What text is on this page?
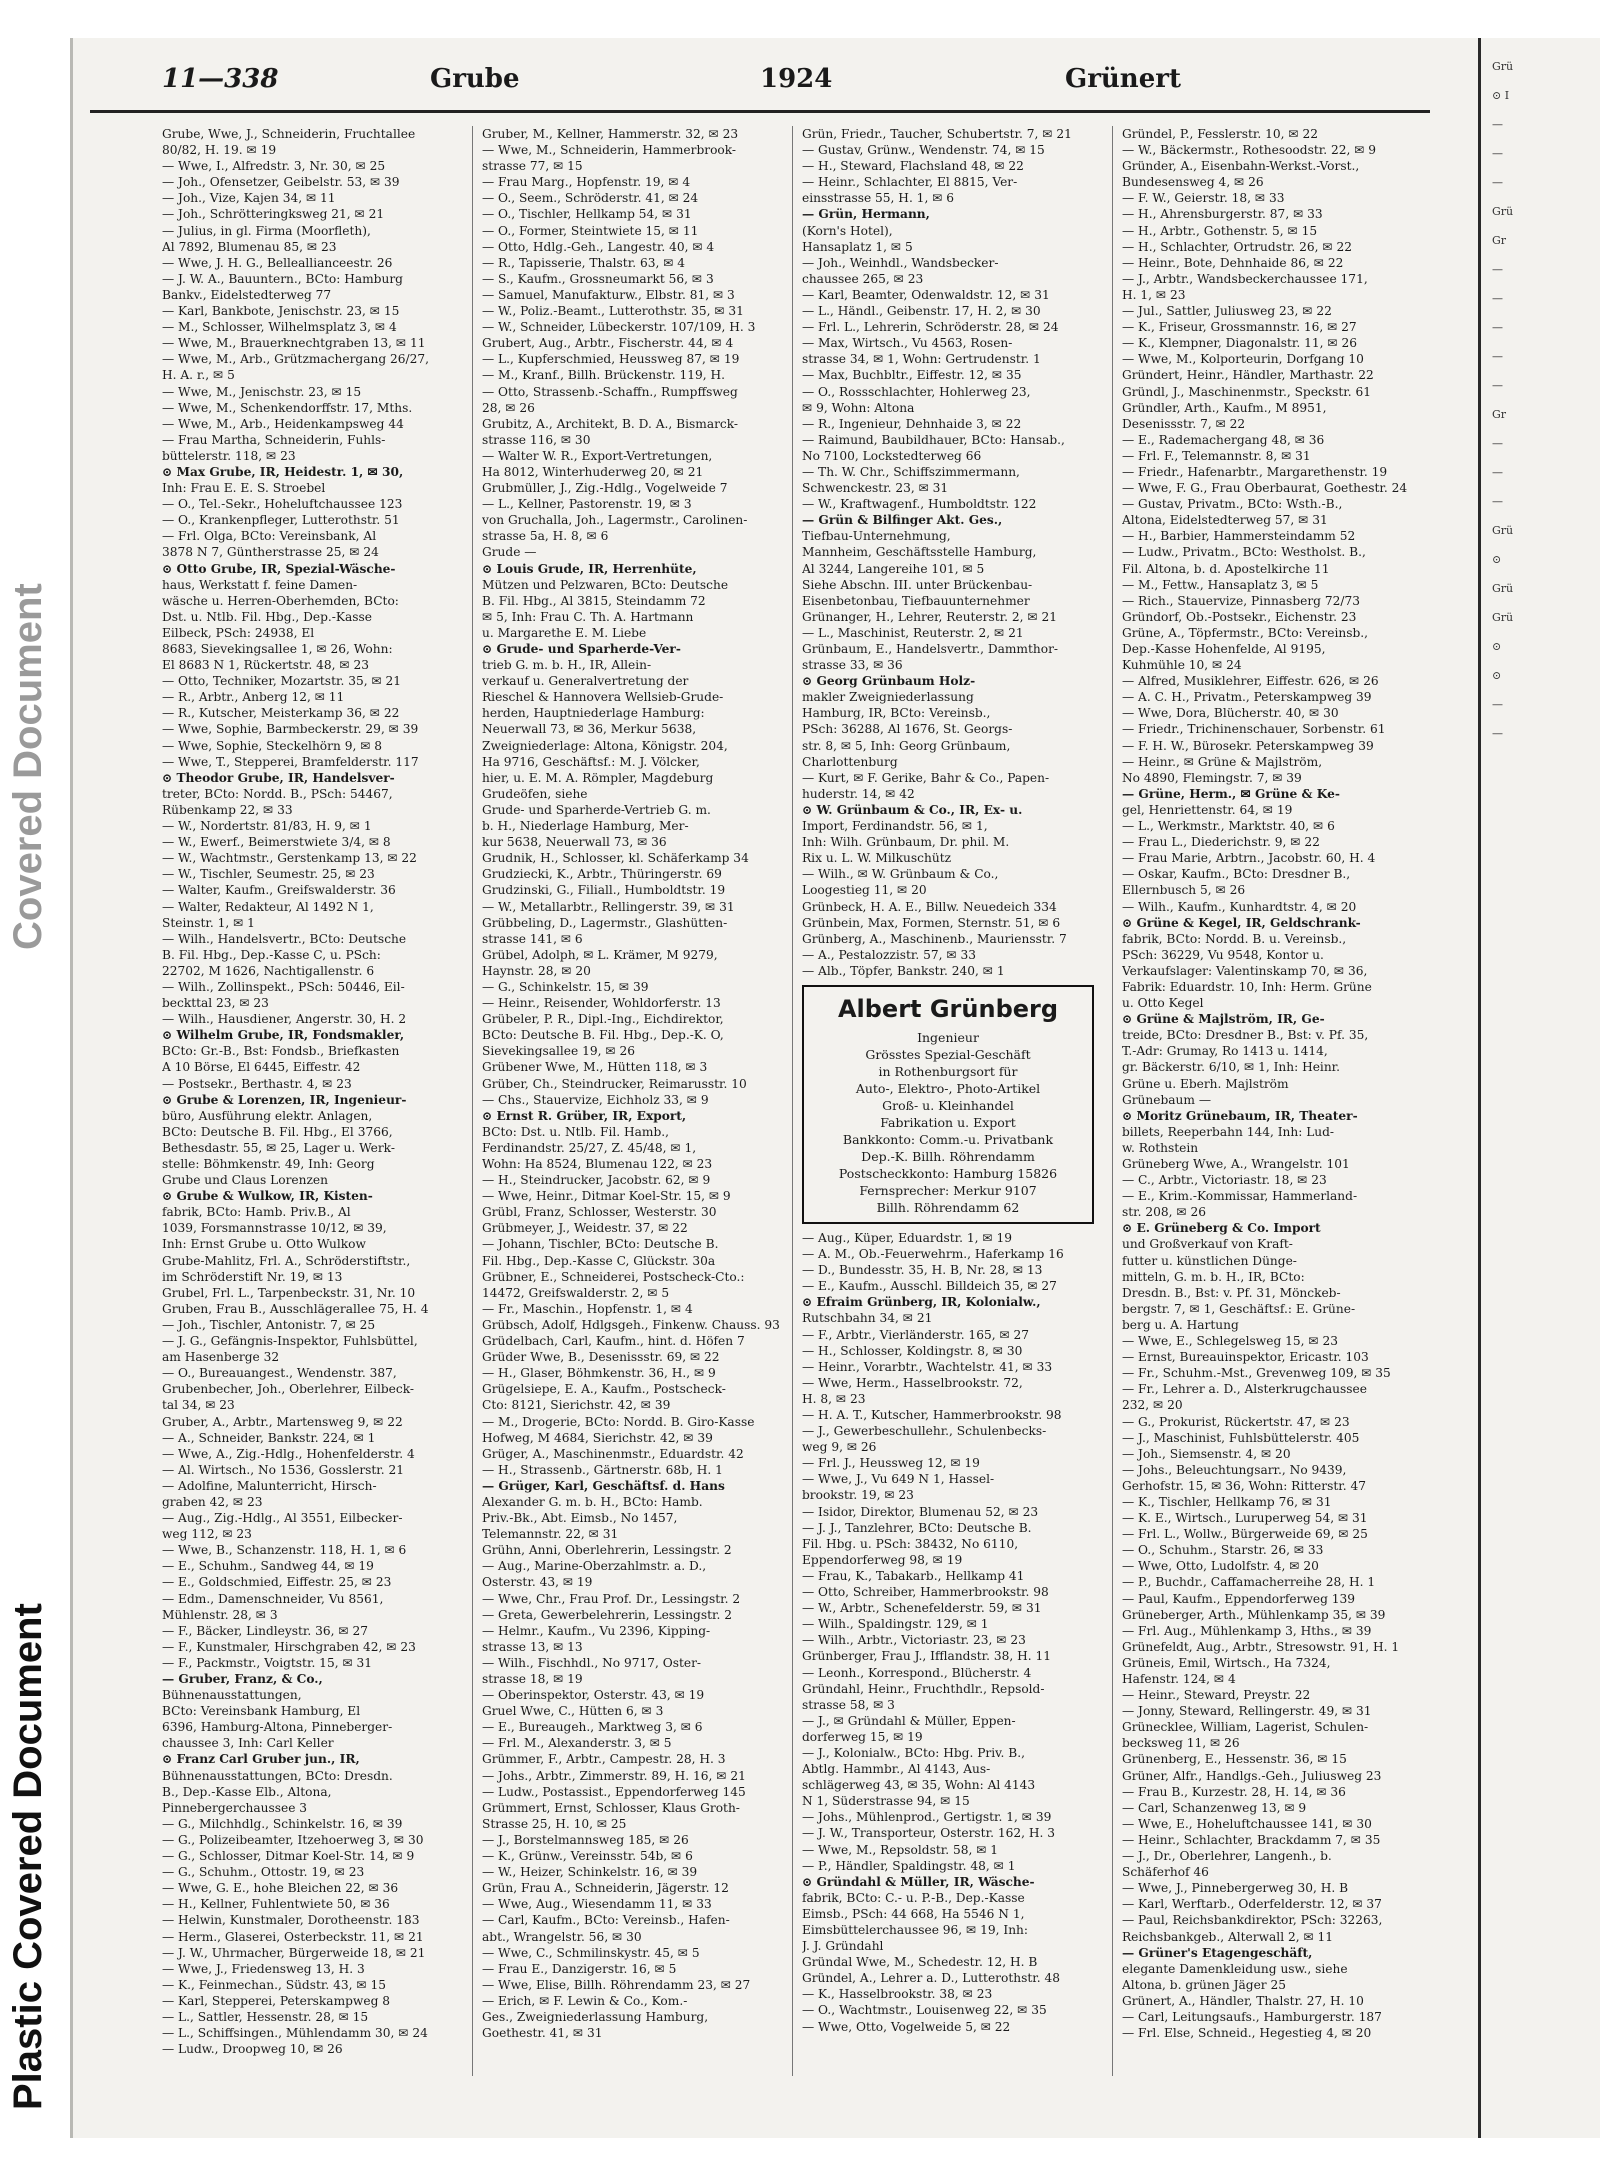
Covered Document
Plastic Covered Document
11—338	Grube	1924	Grünert

Grube, Wwe, J., Schneiderin, Fruchtallee

80/82, H. 19. ✉ 19

— Wwe, I., Alfredstr. 3, Nr. 30, ✉ 25

— Joh., Ofensetzer, Geibelstr. 53, ✉ 39

— Joh., Vize, Kajen 34, ✉ 11

— Joh., Schrötteringksweg 21, ✉ 21

— Julius, in gl. Firma (Moorfleth),

Al 7892, Blumenau 85, ✉ 23

— Wwe, J. H. G., Belleallianceestr. 26

— J. W. A., Bauuntern., BCto: Hamburg

Bankv., Eidelstedterweg 77

— Karl, Bankbote, Jenischstr. 23, ✉ 15

— M., Schlosser, Wilhelmsplatz 3, ✉ 4

— Wwe, M., Brauerknechtgraben 13, ✉ 11

— Wwe, M., Arb., Grützmachergang 26/27,

H. A. r., ✉ 5

— Wwe, M., Jenischstr. 23, ✉ 15

— Wwe, M., Schenkendorffstr. 17, Mths.

— Wwe, M., Arb., Heidenkampsweg 44

— Frau Martha, Schneiderin, Fuhls-

büttelerstr. 118, ✉ 23

⊙ Max Grube, IR, Heidestr. 1, ✉ 30,

Inh: Frau E. E. S. Stroebel

— O., Tel.-Sekr., Hoheluftchaussee 123

— O., Krankenpfleger, Lutterothstr. 51

— Frl. Olga, BCto: Vereinsbank, Al

3878 N 7, Güntherstrasse 25, ✉ 24

⊙ Otto Grube, IR, Spezial-Wäsche-

haus, Werkstatt f. feine Damen-

wäsche u. Herren-Oberhemden, BCto:

Dst. u. Ntlb. Fil. Hbg., Dep.-Kasse

Eilbeck, PSch: 24938, El

8683, Sievekingsallee 1, ✉ 26, Wohn:

El 8683 N 1, Rückertstr. 48, ✉ 23

— Otto, Techniker, Mozartstr. 35, ✉ 21

— R., Arbtr., Anberg 12, ✉ 11

— R., Kutscher, Meisterkamp 36, ✉ 22

— Wwe, Sophie, Barmbeckerstr. 29, ✉ 39

— Wwe, Sophie, Steckelhörn 9, ✉ 8

— Wwe, T., Stepperei, Bramfelderstr. 117

⊙ Theodor Grube, IR, Handelsver-

treter, BCto: Nordd. B., PSch: 54467,

Rübenkamp 22, ✉ 33

— W., Nordertstr. 81/83, H. 9, ✉ 1

— W., Ewerf., Beimerstwiete 3/4, ✉ 8

— W., Wachtmstr., Gerstenkamp 13, ✉ 22

— W., Tischler, Seumestr. 25, ✉ 23

— Walter, Kaufm., Greifswalderstr. 36

— Walter, Redakteur, Al 1492 N 1,

Steinstr. 1, ✉ 1

— Wilh., Handelsvertr., BCto: Deutsche

B. Fil. Hbg., Dep.-Kasse C, u. PSch:

22702, M 1626, Nachtigallenstr. 6

— Wilh., Zollinspekt., PSch: 50446, Eil-

beckttal 23, ✉ 23

— Wilh., Hausdiener, Angerstr. 30, H. 2

⊙ Wilhelm Grube, IR, Fondsmakler,

BCto: Gr.-B., Bst: Fondsb., Briefkasten

A 10 Börse, El 6445, Eiffestr. 42

— Postsekr., Berthastr. 4, ✉ 23

⊙ Grube & Lorenzen, IR, Ingenieur-

büro, Ausführung elektr. Anlagen,

BCto: Deutsche B. Fil. Hbg., El 3766,

Bethesdastr. 55, ✉ 25, Lager u. Werk-

stelle: Böhmkenstr. 49, Inh: Georg

Grube und Claus Lorenzen

⊙ Grube & Wulkow, IR, Kisten-

fabrik, BCto: Hamb. Priv.B., Al

1039, Forsmannstrasse 10/12, ✉ 39,

Inh: Ernst Grube u. Otto Wulkow

Grube-Mahlitz, Frl. A., Schröderstiftstr.,

im Schröderstift Nr. 19, ✉ 13

Grubel, Frl. L., Tarpenbeckstr. 31, Nr. 10

Gruben, Frau B., Ausschlägerallee 75, H. 4

— Joh., Tischler, Antonistr. 7, ✉ 25

— J. G., Gefängnis-Inspektor, Fuhlsbüttel,

am Hasenberge 32

— O., Bureauangest., Wendenstr. 387,

Grubenbecher, Joh., Oberlehrer, Eilbeck-

tal 34, ✉ 23

Gruber, A., Arbtr., Martensweg 9, ✉ 22

— A., Schneider, Bankstr. 224, ✉ 1

— Wwe, A., Zig.-Hdlg., Hohenfelderstr. 4

— Al. Wirtsch., No 1536, Gosslerstr. 21

— Adolfine, Malunterricht, Hirsch-

graben 42, ✉ 23

— Aug., Zig.-Hdlg., Al 3551, Eilbecker-

weg 112, ✉ 23

— Wwe, B., Schanzenstr. 118, H. 1, ✉ 6

— E., Schuhm., Sandweg 44, ✉ 19

— E., Goldschmied, Eiffestr. 25, ✉ 23

— Edm., Damenschneider, Vu 8561,

Mühlenstr. 28, ✉ 3

— F., Bäcker, Lindleystr. 36, ✉ 27

— F., Kunstmaler, Hirschgraben 42, ✉ 23

— F., Packmstr., Voigtstr. 15, ✉ 31

— Gruber, Franz, & Co.,

Bühnenausstattungen,

BCto: Vereinsbank Hamburg, El

6396, Hamburg-Altona, Pinneberger-

chaussee 3, Inh: Carl Keller

⊙ Franz Carl Gruber jun., IR,

Bühnenausstattungen, BCto: Dresdn.

B., Dep.-Kasse Elb., Altona,

Pinnebergerchaussee 3

— G., Milchhdlg., Schinkelstr. 16, ✉ 39

— G., Polizeibeamter, Itzehoerweg 3, ✉ 30

— G., Schlosser, Ditmar Koel-Str. 14, ✉ 9

— G., Schuhm., Ottostr. 19, ✉ 23

— Wwe, G. E., hohe Bleichen 22, ✉ 36

— H., Kellner, Fuhlentwiete 50, ✉ 36

— Helwin, Kunstmaler, Dorotheenstr. 183

— Herm., Glaserei, Osterbeckstr. 11, ✉ 21

— J. W., Uhrmacher, Bürgerweide 18, ✉ 21

— Wwe, J., Friedensweg 13, H. 3

— K., Feinmechan., Südstr. 43, ✉ 15

— Karl, Stepperei, Peterskampweg 8

— L., Sattler, Hessenstr. 28, ✉ 15

— L., Schiffsingen., Mühlendamm 30, ✉ 24

— Ludw., Droopweg 10, ✉ 26

Gruber, M., Kellner, Hammerstr. 32, ✉ 23

— Wwe, M., Schneiderin, Hammerbrook-

strasse 77, ✉ 15

— Frau Marg., Hopfenstr. 19, ✉ 4

— O., Seem., Schröderstr. 41, ✉ 24

— O., Tischler, Hellkamp 54, ✉ 31

— O., Former, Steintwiete 15, ✉ 11

— Otto, Hdlg.-Geh., Langestr. 40, ✉ 4

— R., Tapisserie, Thalstr. 63, ✉ 4

— S., Kaufm., Grossneumarkt 56, ✉ 3

— Samuel, Manufakturw., Elbstr. 81, ✉ 3

— W., Poliz.-Beamt., Lutterothstr. 35, ✉ 31

— W., Schneider, Lübeckerstr. 107/109, H. 3

Grubert, Aug., Arbtr., Fischerstr. 44, ✉ 4

— L., Kupferschmied, Heussweg 87, ✉ 19

— M., Kranf., Billh. Brückenstr. 119, H.

— Otto, Strassenb.-Schaffn., Rumpffsweg

28, ✉ 26

Grubitz, A., Architekt, B. D. A., Bismarck-

strasse 116, ✉ 30

— Walter W. R., Export-Vertretungen,

Ha 8012, Winterhuderweg 20, ✉ 21

Grubmüller, J., Zig.-Hdlg., Vogelweide 7

— L., Kellner, Pastorenstr. 19, ✉ 3

von Gruchalla, Joh., Lagermstr., Carolinen-

strasse 5a, H. 8, ✉ 6

Grude —

⊙ Louis Grude, IR, Herrenhüte,

Mützen und Pelzwaren, BCto: Deutsche

B. Fil. Hbg., Al 3815, Steindamm 72

✉ 5, Inh: Frau C. Th. A. Hartmann

u. Margarethe E. M. Liebe

⊙ Grude- und Sparherde-Ver-

trieb G. m. b. H., IR, Allein-

verkauf u. Generalvertretung der

Rieschel & Hannovera Wellsieb-Grude-

herden, Hauptniederlage Hamburg:

Neuerwall 73, ✉ 36, Merkur 5638,

Zweigniederlage: Altona, Königstr. 204,

Ha 9716, Geschäftsf.: M. J. Völcker,

hier, u. E. M. A. Römpler, Magdeburg

Grudeöfen, siehe

Grude- und Sparherde-Vertrieb G. m.

b. H., Niederlage Hamburg, Mer-

kur 5638, Neuerwall 73, ✉ 36

Grudnik, H., Schlosser, kl. Schäferkamp 34

Grudziecki, K., Arbtr., Thüringerstr. 69

Grudzinski, G., Filiall., Humboldtstr. 19

— W., Metallarbtr., Rellingerstr. 39, ✉ 31

Grübbeling, D., Lagermstr., Glashütten-

strasse 141, ✉ 6

Grübel, Adolph, ✉ L. Krämer, M 9279,

Haynstr. 28, ✉ 20

— G., Schinkelstr. 15, ✉ 39

— Heinr., Reisender, Wohldorferstr. 13

Grübeler, P. R., Dipl.-Ing., Eichdirektor,

BCto: Deutsche B. Fil. Hbg., Dep.-K. O,

Sievekingsallee 19, ✉ 26

Grübener Wwe, M., Hütten 118, ✉ 3

Grüber, Ch., Steindrucker, Reimarusstr. 10

— Chs., Stauervize, Eichholz 33, ✉ 9

⊙ Ernst R. Grüber, IR, Export,

BCto: Dst. u. Ntlb. Fil. Hamb.,

Ferdinandstr. 25/27, Z. 45/48, ✉ 1,

Wohn: Ha 8524, Blumenau 122, ✉ 23

— H., Steindrucker, Jacobstr. 62, ✉ 9

— Wwe, Heinr., Ditmar Koel-Str. 15, ✉ 9

Grübl, Franz, Schlosser, Westerstr. 30

Grübmeyer, J., Weidestr. 37, ✉ 22

— Johann, Tischler, BCto: Deutsche B.

Fil. Hbg., Dep.-Kasse C, Glückstr. 30a

Grübner, E., Schneiderei, Postscheck-Cto.:

14472, Greifswalderstr. 2, ✉ 5

— Fr., Maschin., Hopfenstr. 1, ✉ 4

Grübsch, Adolf, Hdlgsgeh., Finkenw. Chauss. 93

Grüdelbach, Carl, Kaufm., hint. d. Höfen 7

Grüder Wwe, B., Desenissstr. 69, ✉ 22

— H., Glaser, Böhmkenstr. 36, H., ✉ 9

Grügelsiepe, E. A., Kaufm., Postscheck-

Cto: 8121, Sierichstr. 42, ✉ 39

— M., Drogerie, BCto: Nordd. B. Giro-Kasse

Hofweg, M 4684, Sierichstr. 42, ✉ 39

Grüger, A., Maschinenmstr., Eduardstr. 42

— H., Strassenb., Gärtnerstr. 68b, H. 1

— Grüger, Karl, Geschäftsf. d. Hans

Alexander G. m. b. H., BCto: Hamb.

Priv.-Bk., Abt. Eimsb., No 1457,

Telemannstr. 22, ✉ 31

Grühn, Anni, Oberlehrerin, Lessingstr. 2

— Aug., Marine-Oberzahlmstr. a. D.,

Osterstr. 43, ✉ 19

— Wwe, Chr., Frau Prof. Dr., Lessingstr. 2

— Greta, Gewerbelehrerin, Lessingstr. 2

— Helmr., Kaufm., Vu 2396, Kipping-

strasse 13, ✉ 13

— Wilh., Fischhdl., No 9717, Oster-

strasse 18, ✉ 19

— Oberinspektor, Osterstr. 43, ✉ 19

Gruel Wwe, C., Hütten 6, ✉ 3

— E., Bureaugeh., Marktweg 3, ✉ 6

— Frl. M., Alexanderstr. 3, ✉ 5

Grümmer, F., Arbtr., Campestr. 28, H. 3

— Johs., Arbtr., Zimmerstr. 89, H. 16, ✉ 21

— Ludw., Postassist., Eppendorferweg 145

Grümmert, Ernst, Schlosser, Klaus Groth-

Strasse 25, H. 10, ✉ 25

— J., Borstelmannsweg 185, ✉ 26

— K., Grünw., Vereinsstr. 54b, ✉ 6

— W., Heizer, Schinkelstr. 16, ✉ 39

Grün, Frau A., Schneiderin, Jägerstr. 12

— Wwe, Aug., Wiesendamm 11, ✉ 33

— Carl, Kaufm., BCto: Vereinsb., Hafen-

abt., Wrangelstr. 56, ✉ 30

— Wwe, C., Schmilinskystr. 45, ✉ 5

— Frau E., Danzigerstr. 16, ✉ 5

— Wwe, Elise, Billh. Röhrendamm 23, ✉ 27

— Erich, ✉ F. Lewin & Co., Kom.-

Ges., Zweigniederlassung Hamburg,

Goethestr. 41, ✉ 31

Grün, Friedr., Taucher, Schubertstr. 7, ✉ 21

— Gustav, Grünw., Wendenstr. 74, ✉ 15

— H., Steward, Flachsland 48, ✉ 22

— Heinr., Schlachter, El 8815, Ver-

einsstrasse 55, H. 1, ✉ 6

— Grün, Hermann,

(Korn's Hotel),

Hansaplatz 1, ✉ 5

— Joh., Weinhdl., Wandsbecker-

chaussee 265, ✉ 23

— Karl, Beamter, Odenwaldstr. 12, ✉ 31

— L., Händl., Geibenstr. 17, H. 2, ✉ 30

— Frl. L., Lehrerin, Schröderstr. 28, ✉ 24

— Max, Wirtsch., Vu 4563, Rosen-

strasse 34, ✉ 1, Wohn: Gertrudenstr. 1

— Max, Buchbltr., Eiffestr. 12, ✉ 35

— O., Rossschlachter, Hohlerweg 23,

✉ 9, Wohn: Altona

— R., Ingenieur, Dehnhaide 3, ✉ 22

— Raimund, Baubildhauer, BCto: Hansab.,

No 7100, Lockstedterweg 66

— Th. W. Chr., Schiffszimmermann,

Schwenckestr. 23, ✉ 31

— W., Kraftwagenf., Humboldtstr. 122

— Grün & Bilfinger Akt. Ges.,

Tiefbau-Unternehmung,

Mannheim, Geschäftsstelle Hamburg,

Al 3244, Langereihe 101, ✉ 5

Siehe Abschn. III. unter Brückenbau-

Eisenbetonbau, Tiefbauunternehmer

Grünanger, H., Lehrer, Reuterstr. 2, ✉ 21

— L., Maschinist, Reuterstr. 2, ✉ 21

Grünbaum, E., Handelsvertr., Dammthor-

strasse 33, ✉ 36

⊙ Georg Grünbaum Holz-

makler Zweigniederlassung

Hamburg, IR, BCto: Vereinsb.,

PSch: 36288, Al 1676, St. Georgs-

str. 8, ✉ 5, Inh: Georg Grünbaum,

Charlottenburg

— Kurt, ✉ F. Gerike, Bahr & Co., Papen-

huderstr. 14, ✉ 42

⊙ W. Grünbaum & Co., IR, Ex- u.

Import, Ferdinandstr. 56, ✉ 1,

Inh: Wilh. Grünbaum, Dr. phil. M.

Rix u. L. W. Milkuschütz

— Wilh., ✉ W. Grünbaum & Co.,

Loogestieg 11, ✉ 20

Grünbeck, H. A. E., Billw. Neuedeich 334

Grünbein, Max, Formen, Sternstr. 51, ✉ 6

Grünberg, A., Maschinenb., Mauriensstr. 7

— A., Pestalozzistr. 57, ✉ 33

— Alb., Töpfer, Bankstr. 240, ✉ 1

Albert Grünberg
Ingenieur
Grösstes Spezial-Geschäft
in Rothenburgsort für
Auto-, Elektro-, Photo-Artikel
Groß- u. Kleinhandel
Fabrikation u. Export
Bankkonto: Comm.-u. Privatbank
Dep.-K. Billh. Röhrendamm
Postscheckkonto: Hamburg 15826
Fernsprecher: Merkur 9107
Billh. Röhrendamm 62

— Aug., Küper, Eduardstr. 1, ✉ 19

— A. M., Ob.-Feuerwehrm., Haferkamp 16

— D., Bundesstr. 35, H. B, Nr. 28, ✉ 13

— E., Kaufm., Ausschl. Billdeich 35, ✉ 27

⊙ Efraim Grünberg, IR, Kolonialw.,

Rutschbahn 34, ✉ 21

— F., Arbtr., Vierländerstr. 165, ✉ 27

— H., Schlosser, Koldingstr. 8, ✉ 30

— Heinr., Vorarbtr., Wachtelstr. 41, ✉ 33

— Wwe, Herm., Hasselbrookstr. 72,

H. 8, ✉ 23

— H. A. T., Kutscher, Hammerbrookstr. 98

— J., Gewerbeschullehr., Schulenbecks-

weg 9, ✉ 26

— Frl. J., Heussweg 12, ✉ 19

— Wwe, J., Vu 649 N 1, Hassel-

brookstr. 19, ✉ 23

— Isidor, Direktor, Blumenau 52, ✉ 23

— J. J., Tanzlehrer, BCto: Deutsche B.

Fil. Hbg. u. PSch: 38432, No 6110,

Eppendorferweg 98, ✉ 19

— Frau, K., Tabakarb., Hellkamp 41

— Otto, Schreiber, Hammerbrookstr. 98

— W., Arbtr., Schenefelderstr. 59, ✉ 31

— Wilh., Spaldingstr. 129, ✉ 1

— Wilh., Arbtr., Victoriastr. 23, ✉ 23

Grünberger, Frau J., Ifflandstr. 38, H. 11

— Leonh., Korrespond., Blücherstr. 4

Gründahl, Heinr., Fruchthdlr., Repsold-

strasse 58, ✉ 3

— J., ✉ Gründahl & Müller, Eppen-

dorferweg 15, ✉ 19

— J., Kolonialw., BCto: Hbg. Priv. B.,

Abtlg. Hammbr., Al 4143, Aus-

schlägerweg 43, ✉ 35, Wohn: Al 4143

N 1, Süderstrasse 94, ✉ 15

— Johs., Mühlenprod., Gertigstr. 1, ✉ 39

— J. W., Transporteur, Osterstr. 162, H. 3

— Wwe, M., Repsoldstr. 58, ✉ 1

— P., Händler, Spaldingstr. 48, ✉ 1

⊙ Gründahl & Müller, IR, Wäsche-

fabrik, BCto: C.- u. P.-B., Dep.-Kasse

Eimsb., PSch: 44 668, Ha 5546 N 1,

Eimsbüttelerchaussee 96, ✉ 19, Inh:

J. J. Gründahl

Gründal Wwe, M., Schedestr. 12, H. B

Gründel, A., Lehrer a. D., Lutterothstr. 48

— K., Hasselbrookstr. 38, ✉ 23

— O., Wachtmstr., Louisenweg 22, ✉ 35

— Wwe, Otto, Vogelweide 5, ✉ 22

Gründel, P., Fesslerstr. 10, ✉ 22

— W., Bäckermstr., Rothesoodstr. 22, ✉ 9

Gründer, A., Eisenbahn-Werkst.-Vorst.,

Bundesensweg 4, ✉ 26

— F. W., Geierstr. 18, ✉ 33

— H., Ahrensburgerstr. 87, ✉ 33

— H., Arbtr., Gothenstr. 5, ✉ 15

— H., Schlachter, Ortrudstr. 26, ✉ 22

— Heinr., Bote, Dehnhaide 86, ✉ 22

— J., Arbtr., Wandsbeckerchaussee 171,

H. 1, ✉ 23

— Jul., Sattler, Juliusweg 23, ✉ 22

— K., Friseur, Grossmannstr. 16, ✉ 27

— K., Klempner, Diagonalstr. 11, ✉ 26

— Wwe, M., Kolporteurin, Dorfgang 10

Gründert, Heinr., Händler, Marthastr. 22

Gründl, J., Maschinenmstr., Speckstr. 61

Gründler, Arth., Kaufm., M 8951,

Desenissstr. 7, ✉ 22

— E., Rademachergang 48, ✉ 36

— Frl. F., Telemannstr. 8, ✉ 31

— Friedr., Hafenarbtr., Margarethenstr. 19

— Wwe, F. G., Frau Oberbaurat, Goethestr. 24

— Gustav, Privatm., BCto: Wsth.-B.,

Altona, Eidelstedterweg 57, ✉ 31

— H., Barbier, Hammersteindamm 52

— Ludw., Privatm., BCto: Westholst. B.,

Fil. Altona, b. d. Apostelkirche 11

— M., Fettw., Hansaplatz 3, ✉ 5

— Rich., Stauervize, Pinnasberg 72/73

Gründorf, Ob.-Postsekr., Eichenstr. 23

Grüne, A., Töpfermstr., BCto: Vereinsb.,

Dep.-Kasse Hohenfelde, Al 9195,

Kuhmühle 10, ✉ 24

— Alfred, Musiklehrer, Eiffestr. 626, ✉ 26

— A. C. H., Privatm., Peterskampweg 39

— Wwe, Dora, Blücherstr. 40, ✉ 30

— Friedr., Trichinenschauer, Sorbenstr. 61

— F. H. W., Bürosekr. Peterskampweg 39

— Heinr., ✉ Grüne & Majlström,

No 4890, Flemingstr. 7, ✉ 39

— Grüne, Herm., ✉ Grüne & Ke-

gel, Henriettenstr. 64, ✉ 19

— L., Werkmstr., Marktstr. 40, ✉ 6

— Frau L., Diederichstr. 9, ✉ 22

— Frau Marie, Arbtrn., Jacobstr. 60, H. 4

— Oskar, Kaufm., BCto: Dresdner B.,

Ellernbusch 5, ✉ 26

— Wilh., Kaufm., Kunhardtstr. 4, ✉ 20

⊙ Grüne & Kegel, IR, Geldschrank-

fabrik, BCto: Nordd. B. u. Vereinsb.,

PSch: 36229, Vu 9548, Kontor u.

Verkaufslager: Valentinskamp 70, ✉ 36,

Fabrik: Eduardstr. 10, Inh: Herm. Grüne

u. Otto Kegel

⊙ Grüne & Majlström, IR, Ge-

treide, BCto: Dresdner B., Bst: v. Pf. 35,

T.-Adr: Grumay, Ro 1413 u. 1414,

gr. Bäckerstr. 6/10, ✉ 1, Inh: Heinr.

Grüne u. Eberh. Majlström

Grünebaum —

⊙ Moritz Grünebaum, IR, Theater-

billets, Reeperbahn 144, Inh: Lud-

w. Rothstein

Grüneberg Wwe, A., Wrangelstr. 101

— C., Arbtr., Victoriastr. 18, ✉ 23

— E., Krim.-Kommissar, Hammerland-

str. 208, ✉ 26

⊙ E. Grüneberg & Co. Import

und Großverkauf von Kraft-

futter u. künstlichen Dünge-

mitteln, G. m. b. H., IR, BCto:

Dresdn. B., Bst: v. Pf. 31, Mönckeb-

bergstr. 7, ✉ 1, Geschäftsf.: E. Grüne-

berg u. A. Hartung

— Wwe, E., Schlegelsweg 15, ✉ 23

— Ernst, Bureauinspektor, Ericastr. 103

— Fr., Schuhm.-Mst., Grevenweg 109, ✉ 35

— Fr., Lehrer a. D., Alsterkrugchaussee

232, ✉ 20

— G., Prokurist, Rückertstr. 47, ✉ 23

— J., Maschinist, Fuhlsbüttelerstr. 405

— Joh., Siemsenstr. 4, ✉ 20

— Johs., Beleuchtungsarr., No 9439,

Gerhofstr. 15, ✉ 36, Wohn: Ritterstr. 47

— K., Tischler, Hellkamp 76, ✉ 31

— K. E., Wirtsch., Luruperweg 54, ✉ 31

— Frl. L., Wollw., Bürgerweide 69, ✉ 25

— O., Schuhm., Starstr. 26, ✉ 33

— Wwe, Otto, Ludolfstr. 4, ✉ 20

— P., Buchdr., Caffamacherreihe 28, H. 1

— Paul, Kaufm., Eppendorferweg 139

Grüneberger, Arth., Mühlenkamp 35, ✉ 39

— Frl. Aug., Mühlenkamp 3, Hths., ✉ 39

Grünefeldt, Aug., Arbtr., Stresowstr. 91, H. 1

Grüneis, Emil, Wirtsch., Ha 7324,

Hafenstr. 124, ✉ 4

— Heinr., Steward, Preystr. 22

— Jonny, Steward, Rellingerstr. 49, ✉ 31

Grünecklee, William, Lagerist, Schulen-

becksweg 11, ✉ 26

Grünenberg, E., Hessenstr. 36, ✉ 15

Grüner, Alfr., Handlgs.-Geh., Juliusweg 23

— Frau B., Kurzestr. 28, H. 14, ✉ 36

— Carl, Schanzenweg 13, ✉ 9

— Wwe, E., Hoheluftchaussee 141, ✉ 30

— Heinr., Schlachter, Brackdamm 7, ✉ 35

— J., Dr., Oberlehrer, Langenh., b.

Schäferhof 46

— Wwe, J., Pinnebergerweg 30, H. B

— Karl, Werftarb., Oderfelderstr. 12, ✉ 37

— Paul, Reichsbankdirektor, PSch: 32263,

Reichsbankgeb., Alterwall 2, ✉ 11

— Grüner's Etagengeschäft,

elegante Damenkleidung usw., siehe

Altona, b. grünen Jäger 25

Grünert, A., Händler, Thalstr. 27, H. 10

— Carl, Leitungsaufs., Hamburgerstr. 187

— Frl. Else, Schneid., Hegestieg 4, ✉ 20

Grü

⊙ I

—

—

—

Grü

Gr

—

—

—

—

—

Gr

—

—

—

Grü

⊙

Grü

Grü

⊙

⊙

—

—
